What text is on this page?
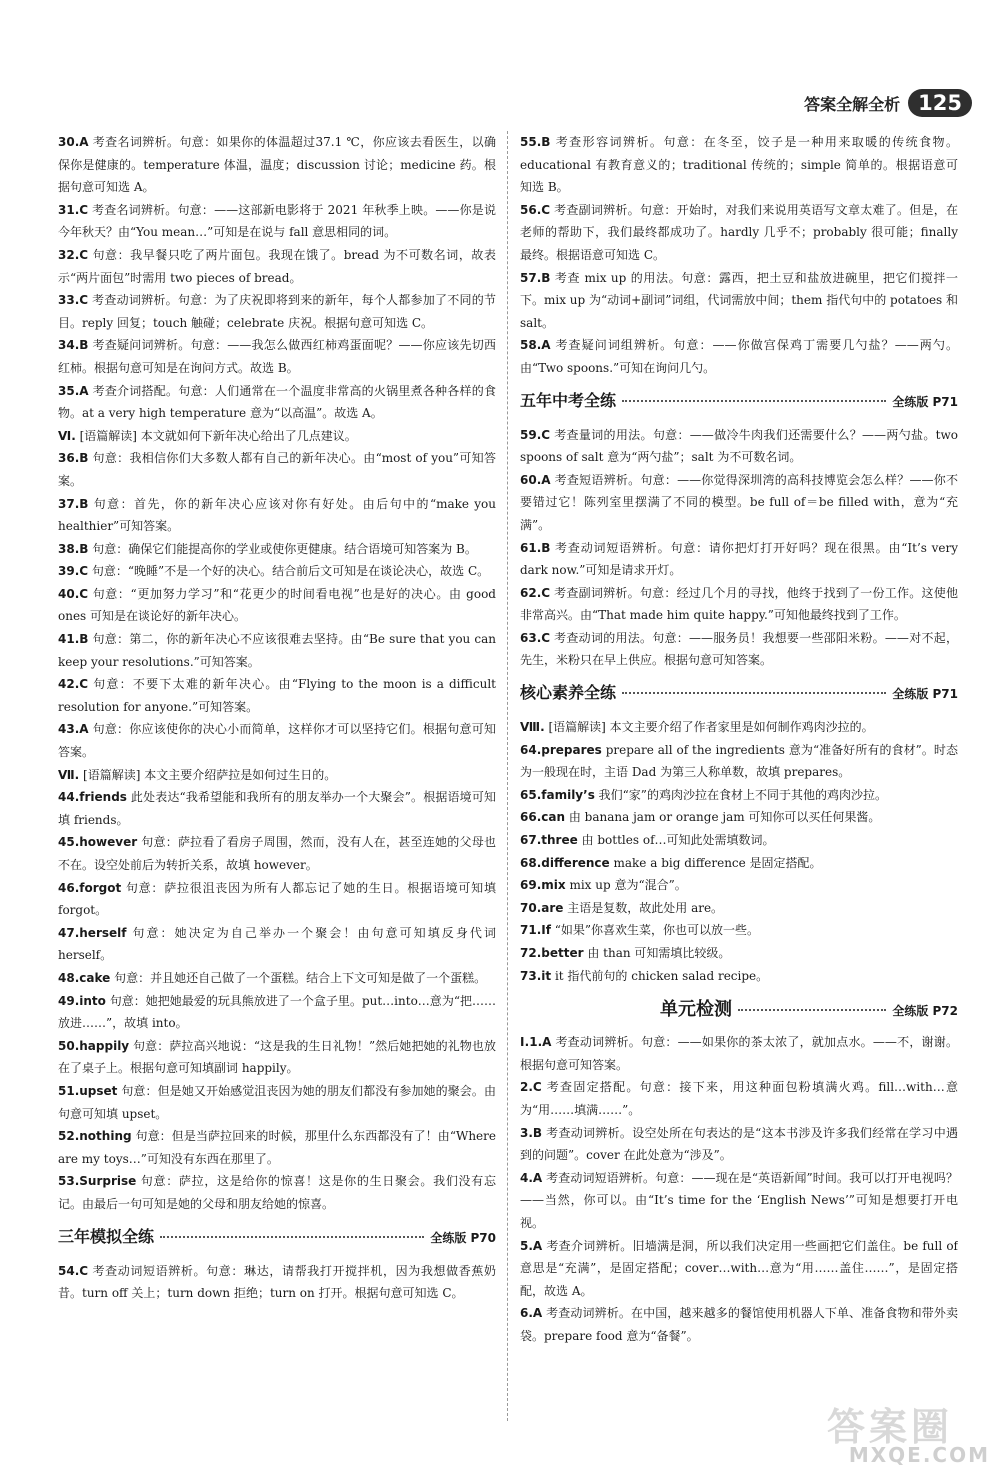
答案全解全析 125

30.A 考查名词辨析。句意：如果你的体温超过37.1 ℃，你应该去看医生，以确保你是健康的。temperature 体温，温度；discussion 讨论；medicine 药。根据句意可知选 A。

31.C 考查名词辨析。句意：——这部新电影将于 2021 年秋季上映。——你是说今年秋天？由“You mean…”可知是在说与 fall 意思相同的词。

32.C 句意：我早餐只吃了两片面包。我现在饿了。bread 为不可数名词，故表示“两片面包”时需用 two pieces of bread。

33.C 考查动词辨析。句意：为了庆祝即将到来的新年，每个人都参加了不同的节目。reply 回复；touch 触碰；celebrate 庆祝。根据句意可知选 C。

34.B 考查疑问词辨析。句意：——我怎么做西红柿鸡蛋面呢？——你应该先切西红柿。根据句意可知是在询问方式。故选 B。

35.A 考查介词搭配。句意：人们通常在一个温度非常高的火锅里煮各种各样的食物。at a very high temperature 意为“以高温”。故选 A。

Ⅵ. [语篇解读] 本文就如何下新年决心给出了几点建议。

36.B 句意：我相信你们大多数人都有自己的新年决心。由“most of you”可知答案。

37.B 句意：首先，你的新年决心应该对你有好处。由后句中的“make you healthier”可知答案。

38.B 句意：确保它们能提高你的学业或使你更健康。结合语境可知答案为 B。

39.C 句意：“晚睡”不是一个好的决心。结合前后文可知是在谈论决心，故选 C。

40.C 句意：“更加努力学习”和“花更少的时间看电视”也是好的决心。由 good ones 可知是在谈论好的新年决心。

41.B 句意：第二，你的新年决心不应该很难去坚持。由“Be sure that you can keep your resolutions.”可知答案。

42.C 句意：不要下太难的新年决心。由“Flying to the moon is a difficult resolution for anyone.”可知答案。

43.A 句意：你应该使你的决心小而简单，这样你才可以坚持它们。根据句意可知答案。

Ⅶ. [语篇解读] 本文主要介绍萨拉是如何过生日的。

44.friends 此处表达“我希望能和我所有的朋友举办一个大聚会”。根据语境可知填 friends。

45.however 句意：萨拉看了看房子周围，然而，没有人在，甚至连她的父母也不在。设空处前后为转折关系，故填 however。

46.forgot 句意：萨拉很沮丧因为所有人都忘记了她的生日。根据语境可知填 forgot。

47.herself 句意：她决定为自己举办一个聚会！由句意可知填反身代词 herself。

48.cake 句意：并且她还自己做了一个蛋糕。结合上下文可知是做了一个蛋糕。

49.into 句意：她把她最爱的玩具熊放进了一个盒子里。put…into…意为“把……放进……”，故填 into。

50.happily 句意：萨拉高兴地说：“这是我的生日礼物！”然后她把她的礼物也放在了桌子上。根据句意可知填副词 happily。

51.upset 句意：但是她又开始感觉沮丧因为她的朋友们都没有参加她的聚会。由句意可知填 upset。

52.nothing 句意：但是当萨拉回来的时候，那里什么东西都没有了！由“Where are my toys…”可知没有东西在那里了。

53.Surprise 句意：萨拉，这是给你的惊喜！这是你的生日聚会。我们没有忘记。由最后一句可知是她的父母和朋友给她的惊喜。

三年模拟全练	全练版 P70

54.C 考查动词短语辨析。句意：琳达，请帮我打开搅拌机，因为我想做香蕉奶昔。turn off 关上；turn down 拒绝；turn on 打开。根据句意可知选 C。

55.B 考查形容词辨析。句意：在冬至，饺子是一种用来取暖的传统食物。educational 有教育意义的；traditional 传统的；simple 简单的。根据语意可知选 B。

56.C 考查副词辨析。句意：开始时，对我们来说用英语写文章太难了。但是，在老师的帮助下，我们最终都成功了。hardly 几乎不；probably 很可能；finally 最终。根据语意可知选 C。

57.B 考查 mix up 的用法。句意：露西，把土豆和盐放进碗里，把它们搅拌一下。mix up 为“动词+副词”词组，代词需放中间；them 指代句中的 potatoes 和 salt。

58.A 考查疑问词组辨析。句意：——你做宫保鸡丁需要几勺盐？——两勺。由“Two spoons.”可知在询问几勺。

五年中考全练	全练版 P71

59.C 考查量词的用法。句意：——做冷牛肉我们还需要什么？——两勺盐。two spoons of salt 意为“两勺盐”；salt 为不可数名词。

60.A 考查短语辨析。句意：——你觉得深圳湾的高科技博览会怎么样？——你不要错过它！陈列室里摆满了不同的模型。be full of＝be filled with，意为“充满”。

61.B 考查动词短语辨析。句意：请你把灯打开好吗？现在很黑。由“It’s very dark now.”可知是请求开灯。

62.C 考查副词辨析。句意：经过几个月的寻找，他终于找到了一份工作。这使他非常高兴。由“That made him quite happy.”可知他最终找到了工作。

63.C 考查动词的用法。句意：——服务员！我想要一些邵阳米粉。——对不起，先生，米粉只在早上供应。根据句意可知答案。

核心素养全练	全练版 P71

Ⅷ. [语篇解读] 本文主要介绍了作者家里是如何制作鸡肉沙拉的。

64.prepares prepare all of the ingredients 意为“准备好所有的食材”。时态为一般现在时，主语 Dad 为第三人称单数，故填 prepares。

65.family’s 我们“家”的鸡肉沙拉在食材上不同于其他的鸡肉沙拉。

66.can 由 banana jam or orange jam 可知你可以买任何果酱。

67.three 由 bottles of…可知此处需填数词。

68.difference make a big difference 是固定搭配。

69.mix mix up 意为“混合”。

70.are 主语是复数，故此处用 are。

71.If “如果”你喜欢生菜，你也可以放一些。

72.better 由 than 可知需填比较级。

73.it it 指代前句的 chicken salad recipe。

单元检测	全练版 P72

Ⅰ.1.A 考查动词辨析。句意：——如果你的茶太浓了，就加点水。——不，谢谢。根据句意可知答案。

2.C 考查固定搭配。句意：接下来，用这种面包粉填满火鸡。fill…with…意为“用……填满……”。

3.B 考查动词辨析。设空处所在句表达的是“这本书涉及许多我们经常在学习中遇到的问题”。cover 在此处意为“涉及”。

4.A 考查动词短语辨析。句意：——现在是“英语新闻”时间。我可以打开电视吗？——当然，你可以。由“It’s time for the ‘English News’”可知是想要打开电视。

5.A 考查介词辨析。旧墙满是洞，所以我们决定用一些画把它们盖住。be full of 意思是“充满”，是固定搭配；cover…with…意为“用……盖住……”，是固定搭配，故选 A。

6.A 考查动词辨析。在中国，越来越多的餐馆使用机器人下单、准备食物和带外卖袋。prepare food 意为“备餐”。

答案圈
MXQE.COM
